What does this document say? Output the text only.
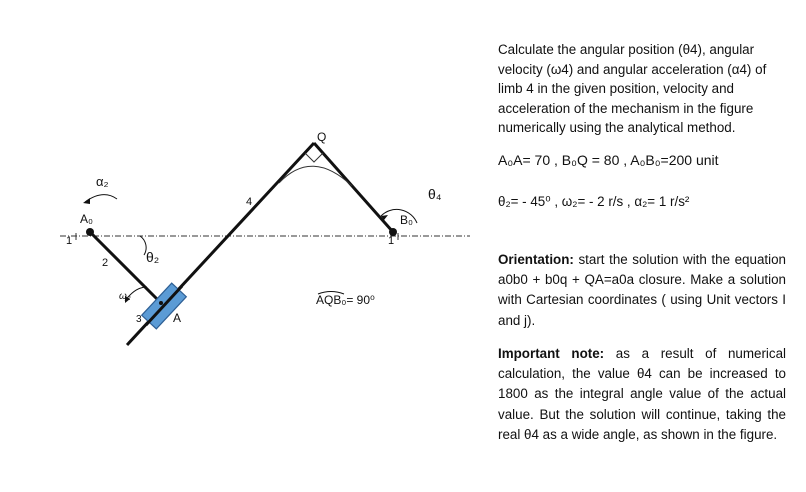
α₂
A₀
1
2	θ₂
ω₂
3	A
4
Q
θ₄
B₀
1
AQB₀= 90⁰
Calculate the angular position (θ4), angular velocity (ω4) and angular acceleration (α4) of limb 4 in the given position, velocity and acceleration of the mechanism in the figure numerically using the analytical method.
A₀A= 70 , B₀Q = 80 , A₀B₀=200 unit
θ₂= - 45⁰ , ω₂= - 2 r/s , α₂= 1 r/s²
Orientation: start the solution with the equation a0b0 + b0q + QA=a0a closure. Make a solution with Cartesian coordinates ( using Unit vectors I and j).
Important note: as a result of numerical calculation, the value θ4 can be increased to 1800 as the integral angle value of the actual value. But the solution will continue, taking the real θ4 as a wide angle, as shown in the figure.
